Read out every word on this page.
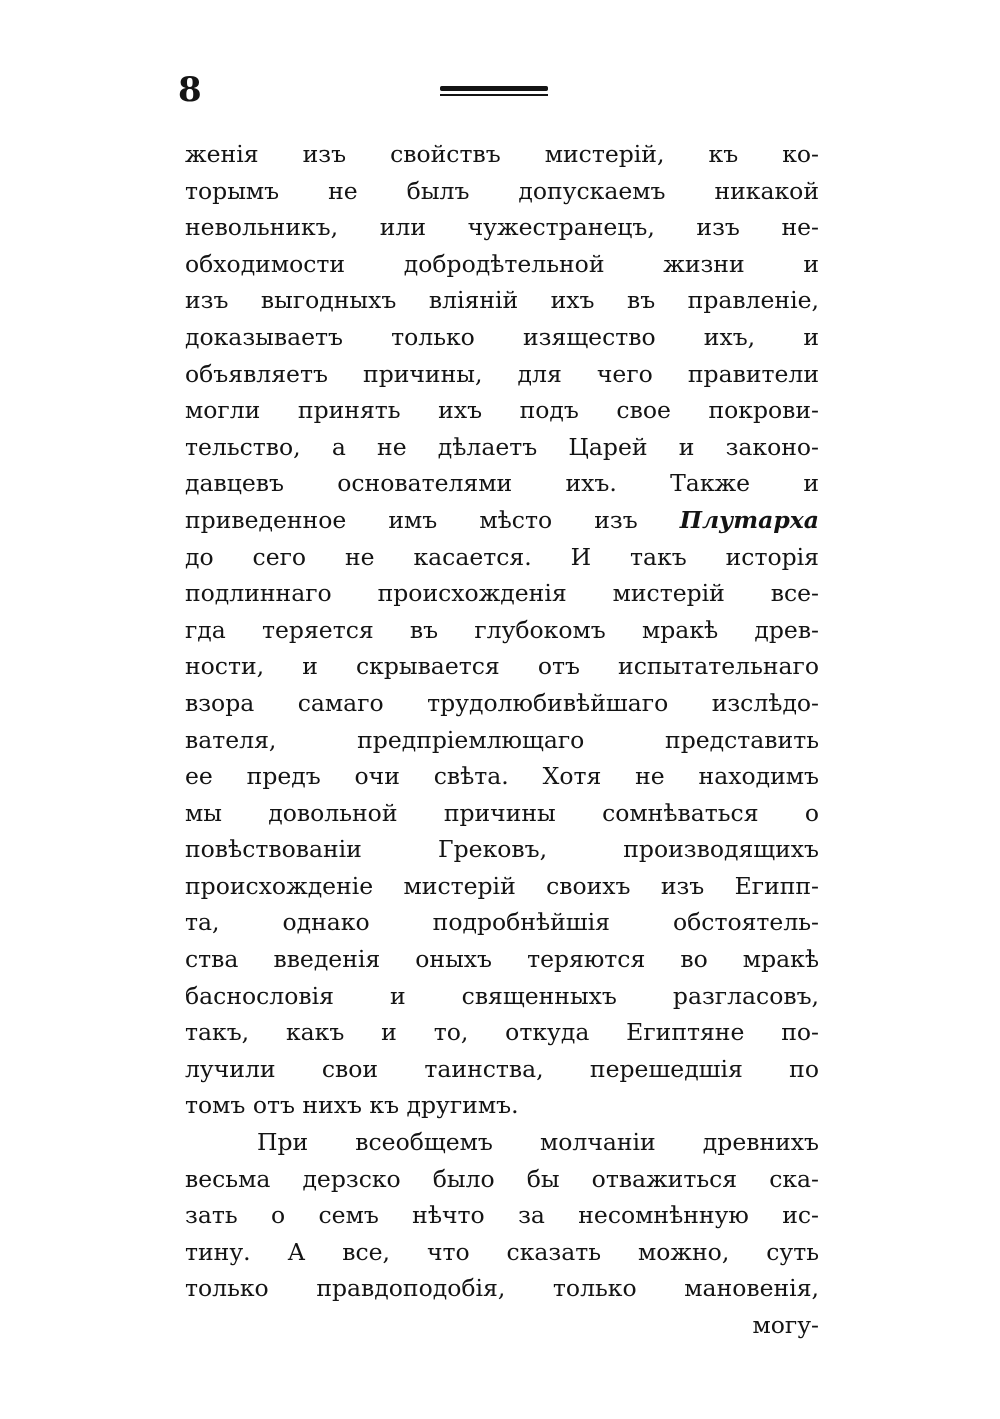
8
женія изъ свойствъ мистерій, къ ко-
торымъ не былъ допускаемъ никакой
невольникъ, или чужестранецъ, изъ не-
обходимости добродѣтельной жизни и
изъ выгодныхъ вліяній ихъ въ правленіе,
доказываетъ только изящество ихъ, и
объявляетъ причины, для чего правители
могли принять ихъ подъ свое покрови-
тельство, а не дѣлаетъ Царей и законо-
давцевъ основателями ихъ. Также и
приведенное имъ мѣсто изъ Плутарха
до сего не касается. И такъ исторія
подлиннаго происхожденія мистерій все-
гда теряется въ глубокомъ мракѣ древ-
ности, и скрывается отъ испытательнаго
взора самаго трудолюбивѣйшаго изслѣдо-
вателя, предпріемлющаго представить
ее предъ очи свѣта. Хотя не находимъ
мы довольной причины сомнѣваться о
повѣствованіи Грековъ, производящихъ
происхожденіе мистерій своихъ изъ Египп-
та, однако подробнѣйшія обстоятель-
ства введенія оныхъ теряются во мракѣ
баснословія и священныхъ разгласовъ,
такъ, какъ и то, откуда Египтяне по-
лучили свои таинства, перешедшія по
томъ отъ нихъ къ другимъ.
При всеобщемъ молчаніи древнихъ
весьма дерзско было бы отважиться ска-
зать о семъ нѣчто за несомнѣнную ис-
тину. А все, что сказать можно, суть
только правдоподобія, только мановенія,
могу-
